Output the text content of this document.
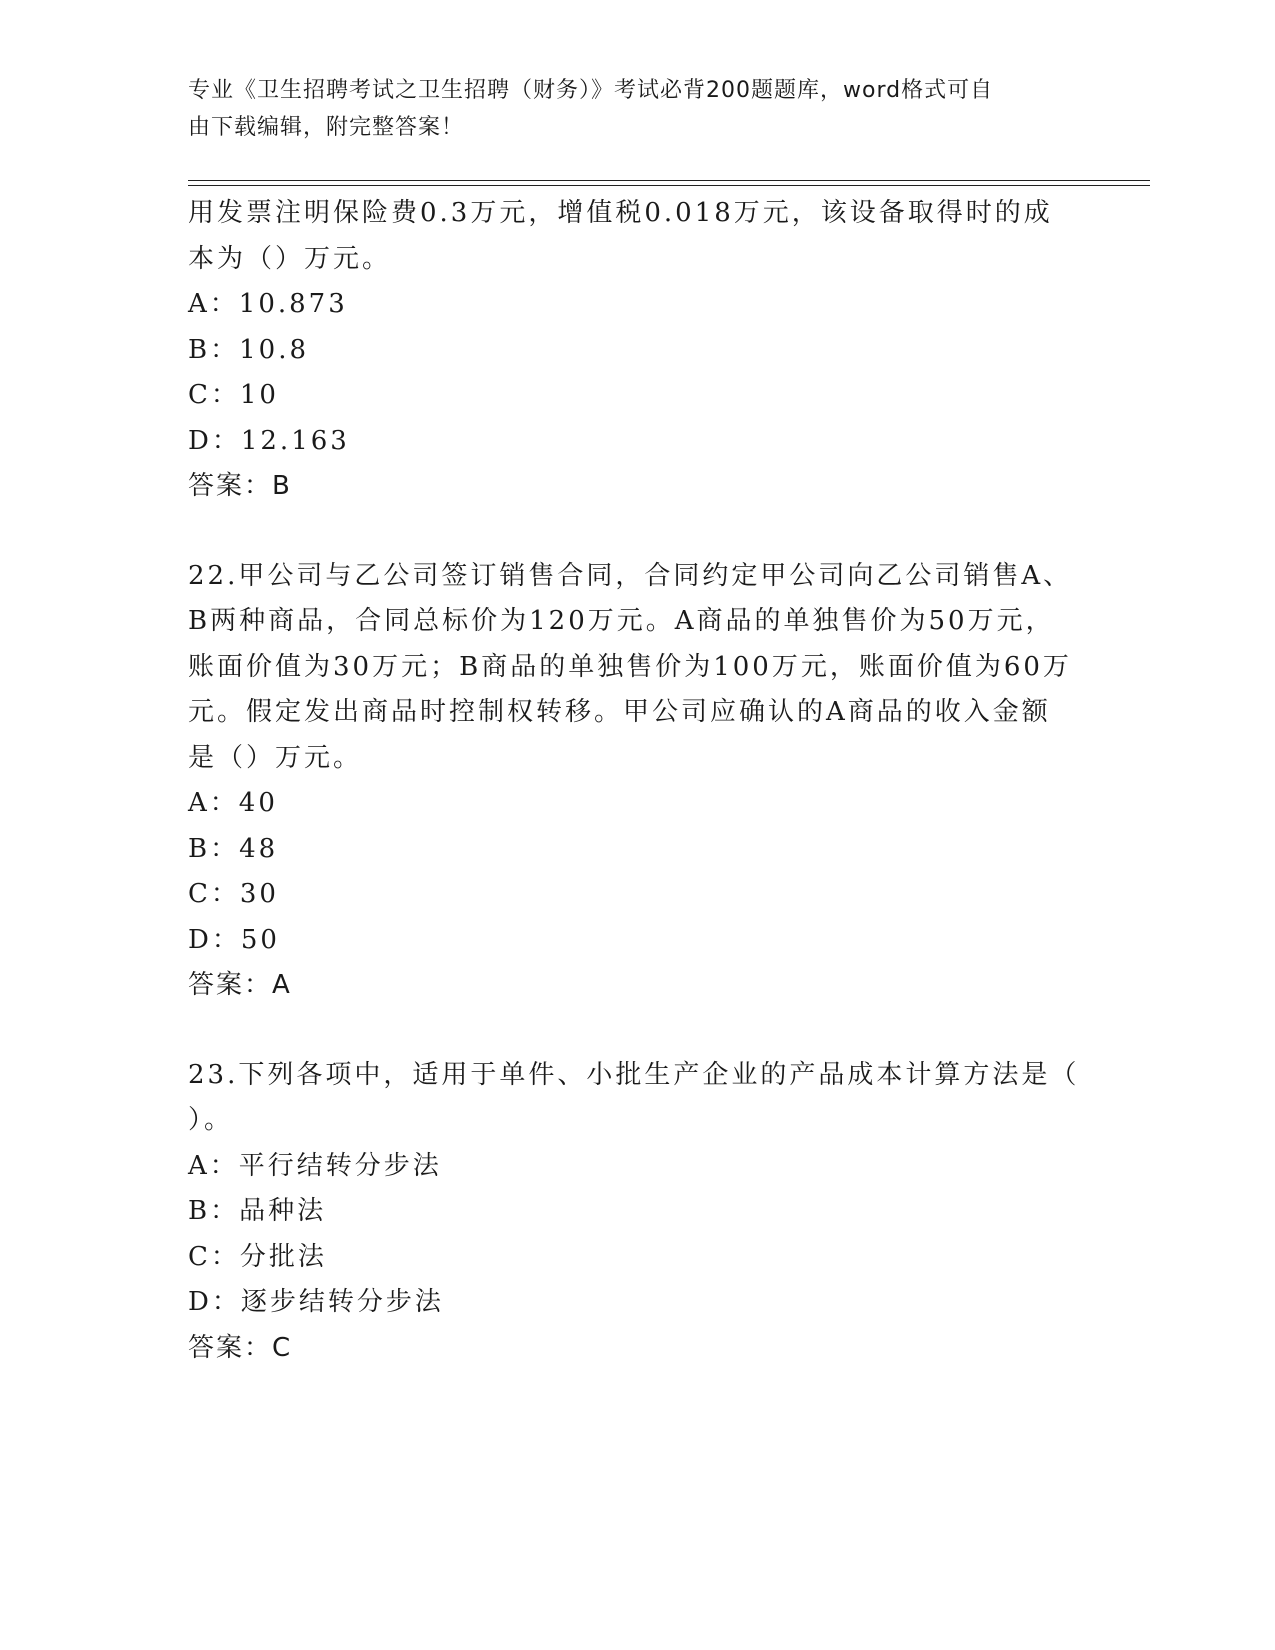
专业《卫生招聘考试之卫生招聘（财务）》考试必背200题题库，word格式可自
由下载编辑，附完整答案！
用发票注明保险费0.3万元，增值税0.018万元，该设备取得时的成
本为（）万元。
A：10.873
B：10.8
C：10
D：12.163
答案：B
22.甲公司与乙公司签订销售合同，合同约定甲公司向乙公司销售A、
B两种商品，合同总标价为120万元。A商品的单独售价为50万元，
账面价值为30万元；B商品的单独售价为100万元，账面价值为60万
元。假定发出商品时控制权转移。甲公司应确认的A商品的收入金额
是（）万元。
A：40
B：48
C：30
D：50
答案：A
23.下列各项中，适用于单件、小批生产企业的产品成本计算方法是（
）。
A：平行结转分步法
B：品种法
C：分批法
D：逐步结转分步法
答案：C
